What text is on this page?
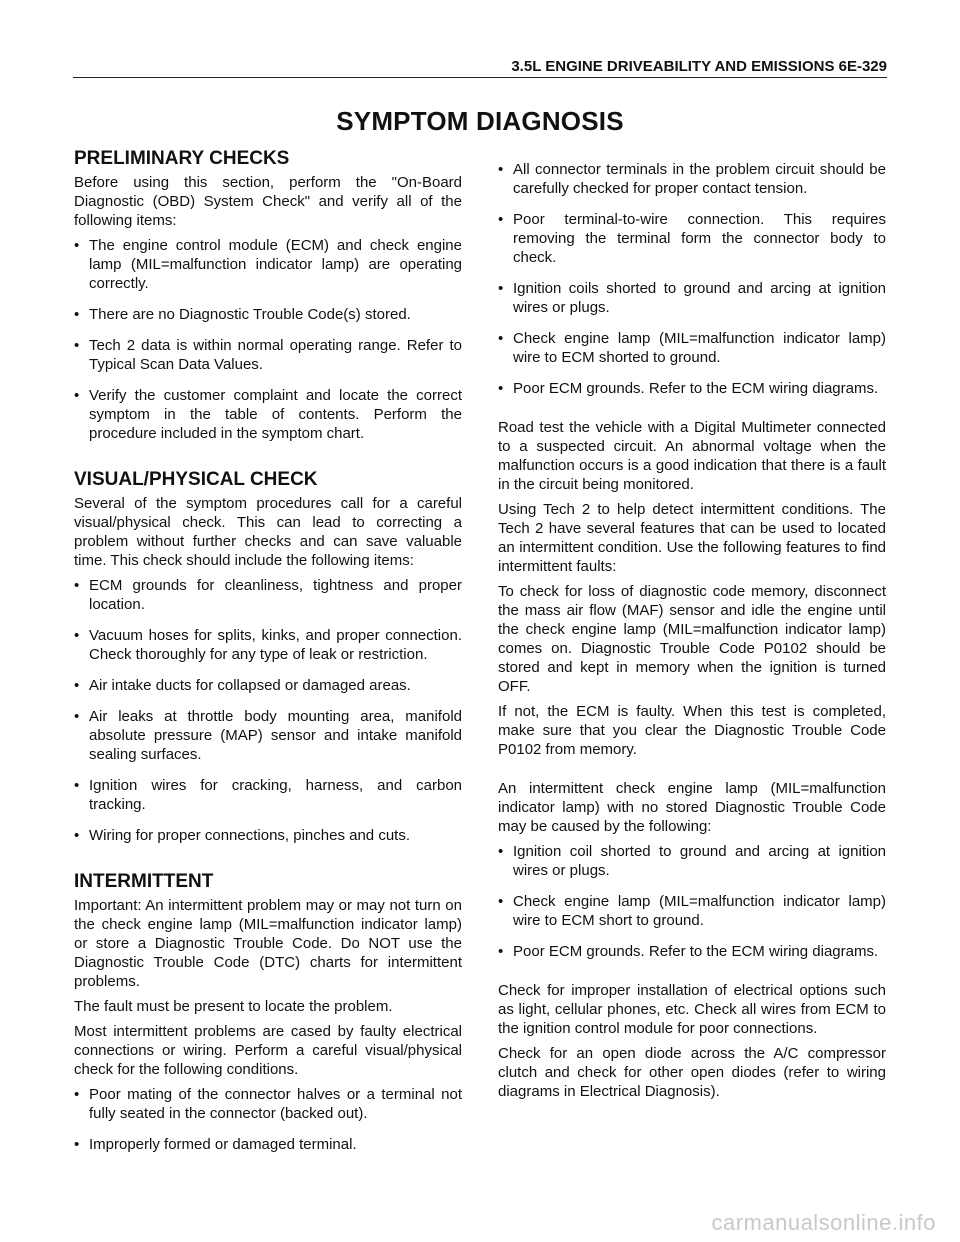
3.5L ENGINE DRIVEABILITY AND EMISSIONS 6E-329
SYMPTOM DIAGNOSIS
PRELIMINARY CHECKS

Before using this section, perform the "On-Board Diagnostic (OBD) System Check" and verify all of the following items:

• The engine control module (ECM) and check engine lamp (MIL=malfunction indicator lamp) are operating correctly.
• There are no Diagnostic Trouble Code(s) stored.
• Tech 2 data is within normal operating range. Refer to Typical Scan Data Values.
• Verify the customer complaint and locate the correct symptom in the table of contents. Perform the procedure included in the symptom chart.
VISUAL/PHYSICAL CHECK

Several of the symptom procedures call for a careful visual/physical check. This can lead to correcting a problem without further checks and can save valuable time. This check should include the following items:

• ECM grounds for cleanliness, tightness and proper location.
• Vacuum hoses for splits, kinks, and proper connection. Check thoroughly for any type of leak or restriction.
• Air intake ducts for collapsed or damaged areas.
• Air leaks at throttle body mounting area, manifold absolute pressure (MAP) sensor and intake manifold sealing surfaces.
• Ignition wires for cracking, harness, and carbon tracking.
• Wiring for proper connections, pinches and cuts.
INTERMITTENT

Important: An intermittent problem may or may not turn on the check engine lamp (MIL=malfunction indicator lamp) or store a Diagnostic Trouble Code. Do NOT use the Diagnostic Trouble Code (DTC) charts for intermittent problems.

The fault must be present to locate the problem.

Most intermittent problems are cased by faulty electrical connections or wiring. Perform a careful visual/physical check for the following conditions.

• Poor mating of the connector halves or a terminal not fully seated in the connector (backed out).
• Improperly formed or damaged terminal.
• All connector terminals in the problem circuit should be carefully checked for proper contact tension.
• Poor terminal-to-wire connection. This requires removing the terminal form the connector body to check.
• Ignition coils shorted to ground and arcing at ignition wires or plugs.
• Check engine lamp (MIL=malfunction indicator lamp) wire to ECM shorted to ground.
• Poor ECM grounds. Refer to the ECM wiring diagrams.

Road test the vehicle with a Digital Multimeter connected to a suspected circuit. An abnormal voltage when the malfunction occurs is a good indication that there is a fault in the circuit being monitored.

Using Tech 2 to help detect intermittent conditions. The Tech 2 have several features that can be used to located an intermittent condition. Use the following features to find intermittent faults:

To check for loss of diagnostic code memory, disconnect the mass air flow (MAF) sensor and idle the engine until the check engine lamp (MIL=malfunction indicator lamp) comes on. Diagnostic Trouble Code P0102 should be stored and kept in memory when the ignition is turned OFF.

If not, the ECM is faulty. When this test is completed, make sure that you clear the Diagnostic Trouble Code P0102 from memory.

An intermittent check engine lamp (MIL=malfunction indicator lamp) with no stored Diagnostic Trouble Code may be caused by the following:

• Ignition coil shorted to ground and arcing at ignition wires or plugs.
• Check engine lamp (MIL=malfunction indicator lamp) wire to ECM short to ground.
• Poor ECM grounds. Refer to the ECM wiring diagrams.

Check for improper installation of electrical options such as light, cellular phones, etc. Check all wires from ECM to the ignition control module for poor connections.

Check for an open diode across the A/C compressor clutch and check for other open diodes (refer to wiring diagrams in Electrical Diagnosis).

carmanualsonline.info
